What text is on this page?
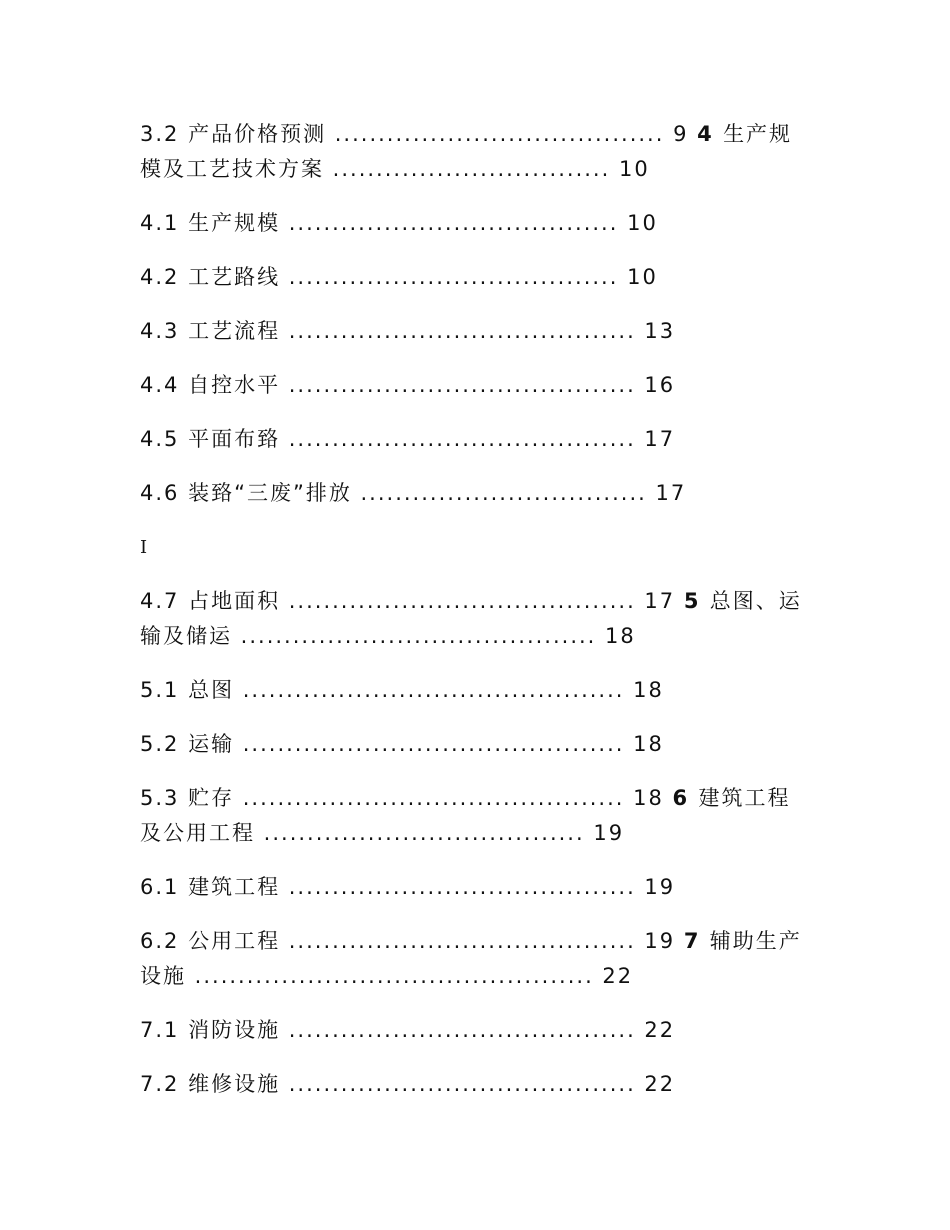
3.2 产品价格预测 ...................................... 9 4 生产规模及工艺技术方案 ................................ 10
4.1 生产规模 ...................................... 10
4.2 工艺路线 ...................................... 10
4.3 工艺流程 ........................................ 13
4.4 自控水平 ........................................ 16
4.5 平面布臵 ........................................ 17
4.6 装臵“三废”排放 ................................. 17
I
4.7 占地面积 ........................................ 17 5 总图、运输及储运 ......................................... 18
5.1 总图 ............................................ 18
5.2 运输 ............................................ 18
5.3 贮存 ............................................ 18 6 建筑工程及公用工程 ..................................... 19
6.1 建筑工程 ........................................ 19
6.2 公用工程 ........................................ 19 7 辅助生产设施 .............................................. 22
7.1 消防设施 ........................................ 22
7.2 维修设施 ........................................ 22
